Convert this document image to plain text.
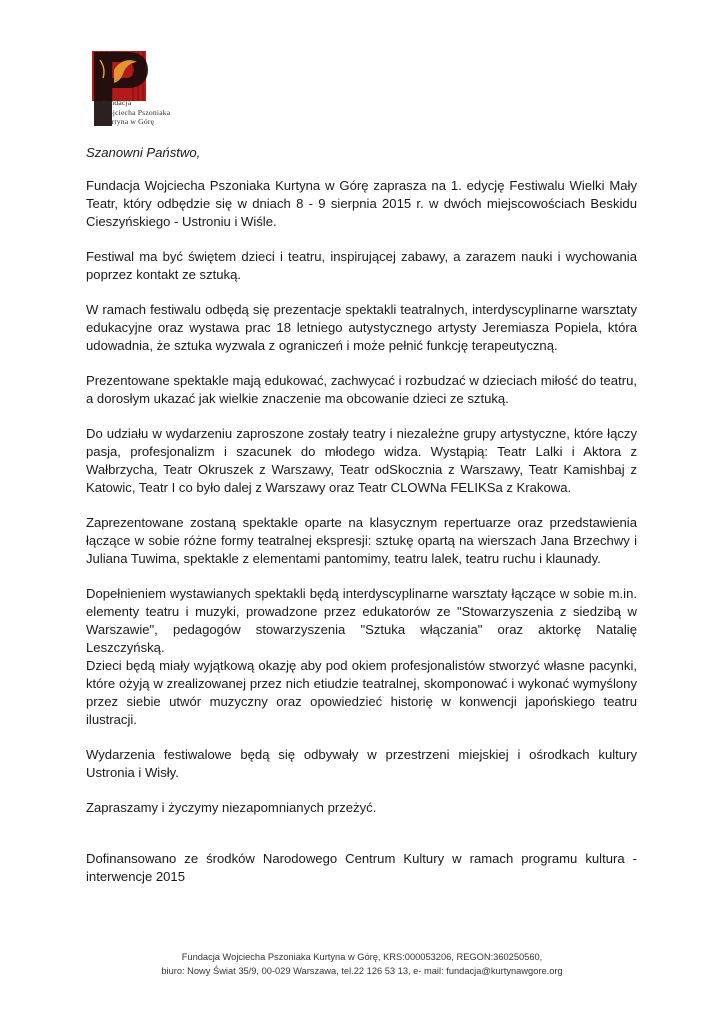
Fundacja
Wojciecha Pszoniaka
Kurtyna w Górę

Szanowni Państwo,

Fundacja Wojciecha Pszoniaka Kurtyna w Górę zaprasza na 1. edycję Festiwalu Wielki Mały Teatr, który odbędzie się w dniach 8 - 9 sierpnia 2015 r. w dwóch miejscowościach Beskidu Cieszyńskiego - Ustroniu i Wiśle.

Festiwal ma być świętem dzieci i teatru, inspirującej zabawy, a zarazem nauki i wychowania poprzez kontakt ze sztuką.

W ramach festiwalu odbędą się prezentacje spektakli teatralnych, interdyscyplinarne warsztaty edukacyjne oraz wystawa prac 18 letniego autystycznego artysty Jeremiasza Popiela, która udowadnia, że sztuka wyzwala z ograniczeń i może pełnić funkcję terapeutyczną.

Prezentowane spektakle mają edukować, zachwycać i rozbudzać w dzieciach miłość do teatru, a dorosłym ukazać jak wielkie znaczenie ma obcowanie dzieci ze sztuką.

Do udziału w wydarzeniu zaproszone zostały teatry i niezależne grupy artystyczne, które łączy pasja, profesjonalizm i szacunek do młodego widza. Wystąpią: Teatr Lalki i Aktora z Wałbrzycha, Teatr Okruszek z Warszawy, Teatr odSkocznia z Warszawy, Teatr Kamishbaj z Katowic, Teatr I co było dalej z Warszawy oraz Teatr CLOWNa FELIKSa z Krakowa.

Zaprezentowane zostaną spektakle oparte na klasycznym repertuarze oraz przedstawienia łączące w sobie różne formy teatralnej ekspresji: sztukę opartą na wierszach Jana Brzechwy i Juliana Tuwima, spektakle z elementami pantomimy, teatru lalek, teatru ruchu i klaunady.

Dopełnieniem wystawianych spektakli będą interdyscyplinarne warsztaty łączące w sobie m.in. elementy teatru i muzyki, prowadzone przez edukatorów ze "Stowarzyszenia z siedzibą w Warszawie", pedagogów stowarzyszenia "Sztuka włączania" oraz aktorkę Natalię Leszczyńską.

Dzieci będą miały wyjątkową okazję aby pod okiem profesjonalistów stworzyć własne pacynki, które ożyją w zrealizowanej przez nich etiudzie teatralnej, skomponować i wykonać wymyślony przez siebie utwór muzyczny oraz opowiedzieć historię w konwencji japońskiego teatru ilustracji.

Wydarzenia festiwalowe będą się odbywały w przestrzeni miejskiej i ośrodkach kultury Ustronia i Wisły.

Zapraszamy i życzymy niezapomnianych przeżyć.

Dofinansowano ze środków Narodowego Centrum Kultury w ramach programu kultura - interwencje 2015

Fundacja Wojciecha Pszoniaka Kurtyna w Górę, KRS:000053206, REGON:360250560,
biuro: Nowy Świat 35/9, 00-029 Warszawa, tel.22 126 53 13, e- mail: fundacja@kurtynawgore.org
